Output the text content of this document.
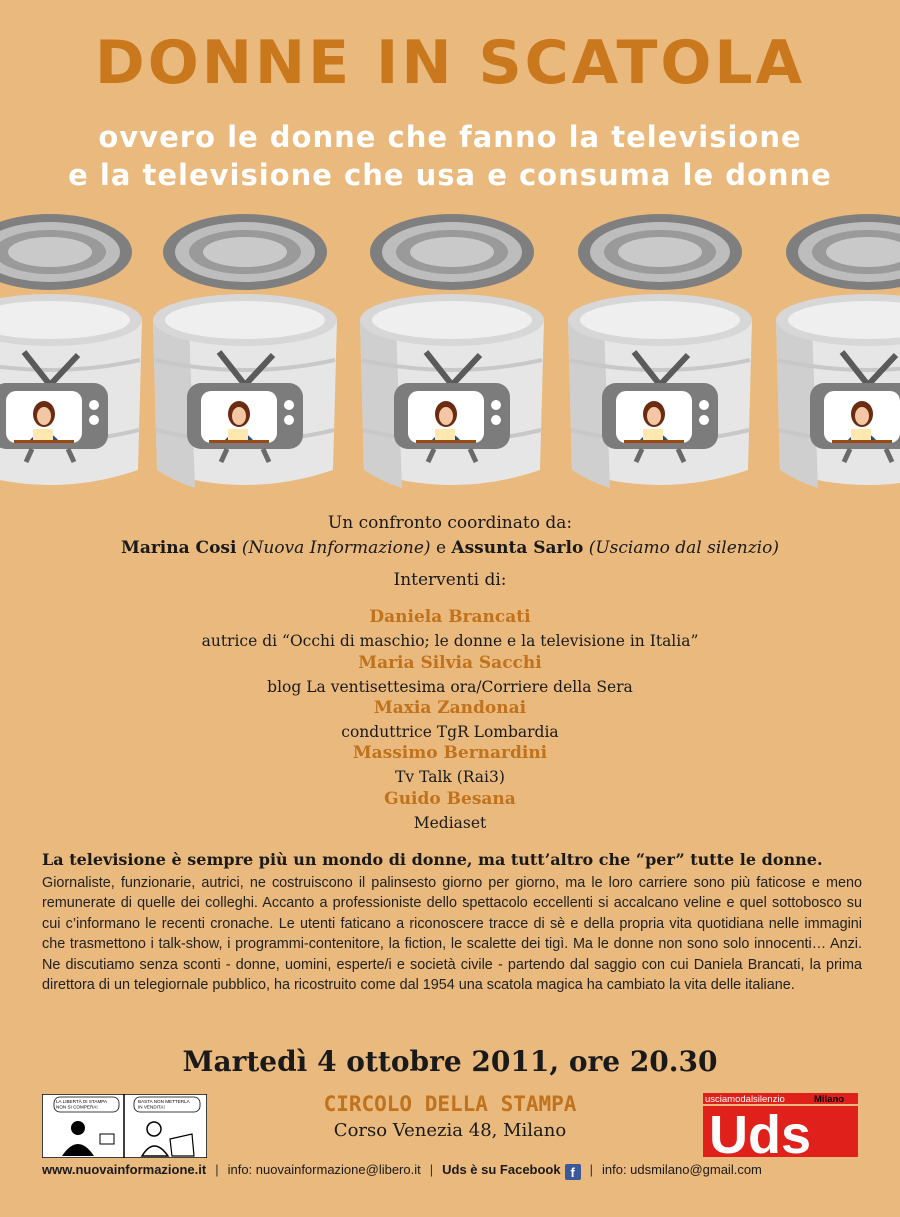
DONNE IN SCATOLA
ovvero le donne che fanno la televisione
e la televisione che usa e consuma le donne
Un confronto coordinato da:
Marina Cosi (Nuova Informazione) e Assunta Sarlo (Usciamo dal silenzio)
Interventi di:
Daniela Brancati
autrice di “Occhi di maschio; le donne e la televisione in Italia”
Maria Silvia Sacchi
blog La ventisettesima ora/Corriere della Sera
Maxia Zandonai
conduttrice TgR Lombardia
Massimo Bernardini
Tv Talk (Rai3)
Guido Besana
Mediaset
La televisione è sempre più un mondo di donne, ma tutt’altro che “per” tutte le donne.
Giornaliste, funzionarie, autrici, ne costruiscono il palinsesto giorno per giorno, ma le loro carriere sono più faticose e meno remunerate di quelle dei colleghi. Accanto a professioniste dello spettacolo eccellenti si accalcano veline e quel sottobosco su cui c’informano le recenti cronache. Le utenti faticano a riconoscere tracce di sè e della propria vita quotidiana nelle immagini che trasmettono i talk-show, i programmi-contenitore, la fiction, le scalette dei tigì. Ma le donne non sono solo innocenti… Anzi. Ne discutiamo senza sconti - donne, uomini, esperte/i e società civile - partendo dal saggio con cui Daniela Brancati, la prima direttora di un telegiornale pubblico, ha ricostruito come dal 1954 una scatola magica ha cambiato la vita delle italiane.
Martedì 4 ottobre 2011, ore 20.30
CIRCOLO DELLA STAMPA
Corso Venezia 48, Milano
LA LIBERTÀ DI STAMPA NON SI COMPERA!
BASTA NON METTERLA IN VENDITA!
usciamodalsilenzio	Milano
Uds
www.nuovainformazione.it | info: nuovainformazione@libero.it | Uds è su Facebook f | info: udsmilano@gmail.com
